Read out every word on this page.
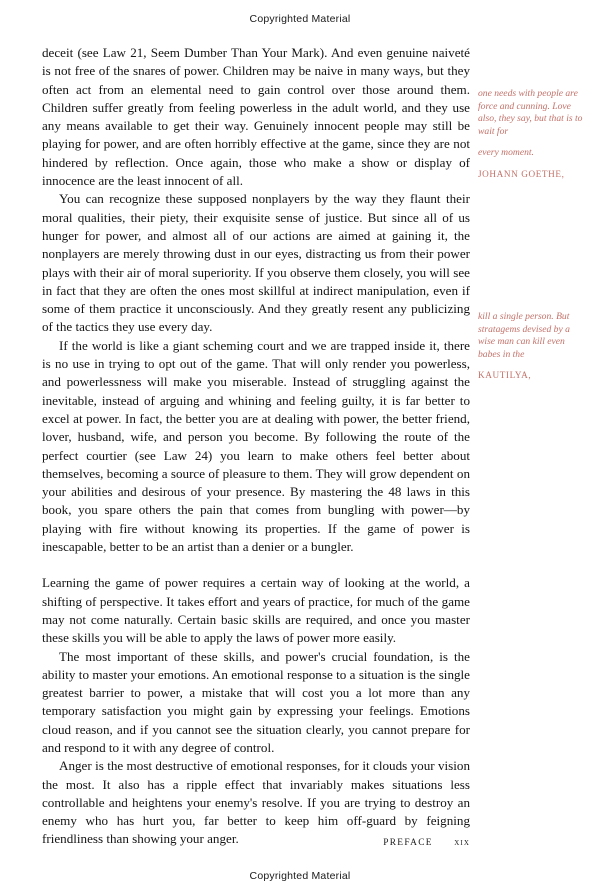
Copyrighted Material

deceit (see Law 21, Seem Dumber Than Your Mark). And even genuine naiveté is not free of the snares of power. Children may be naive in many ways, but they often act from an elemental need to gain control over those around them. Children suffer greatly from feeling powerless in the adult world, and they use any means available to get their way. Genuinely innocent people may still be playing for power, and are often horribly effective at the game, since they are not hindered by reflection. Once again, those who make a show or display of innocence are the least innocent of all.

You can recognize these supposed nonplayers by the way they flaunt their moral qualities, their piety, their exquisite sense of justice. But since all of us hunger for power, and almost all of our actions are aimed at gaining it, the nonplayers are merely throwing dust in our eyes, distracting us from their power plays with their air of moral superiority. If you observe them closely, you will see in fact that they are often the ones most skillful at indirect manipulation, even if some of them practice it unconsciously. And they greatly resent any publicizing of the tactics they use every day.

If the world is like a giant scheming court and we are trapped inside it, there is no use in trying to opt out of the game. That will only render you powerless, and powerlessness will make you miserable. Instead of struggling against the inevitable, instead of arguing and whining and feeling guilty, it is far better to excel at power. In fact, the better you are at dealing with power, the better friend, lover, husband, wife, and person you become. By following the route of the perfect courtier (see Law 24) you learn to make others feel better about themselves, becoming a source of pleasure to them. They will grow dependent on your abilities and desirous of your presence. By mastering the 48 laws in this book, you spare others the pain that comes from bungling with power—by playing with fire without knowing its properties. If the game of power is inescapable, better to be an artist than a denier or a bungler.

Learning the game of power requires a certain way of looking at the world, a shifting of perspective. It takes effort and years of practice, for much of the game may not come naturally. Certain basic skills are required, and once you master these skills you will be able to apply the laws of power more easily.

The most important of these skills, and power's crucial foundation, is the ability to master your emotions. An emotional response to a situation is the single greatest barrier to power, a mistake that will cost you a lot more than any temporary satisfaction you might gain by expressing your feelings. Emotions cloud reason, and if you cannot see the situation clearly, you cannot prepare for and respond to it with any degree of control.

Anger is the most destructive of emotional responses, for it clouds your vision the most. It also has a ripple effect that invariably makes situations less controllable and heightens your enemy's resolve. If you are trying to destroy an enemy who has hurt you, far better to keep him off-guard by feigning friendliness than showing your anger.

one needs with people are force and cunning. Love also, they say, but that is to wait for
every moment.
JOHANN GOETHE,
kill a single person. But stratagems devised by a wise man can kill even babes in the
KAUTILYA,
PREFACE xix
Copyrighted Material
